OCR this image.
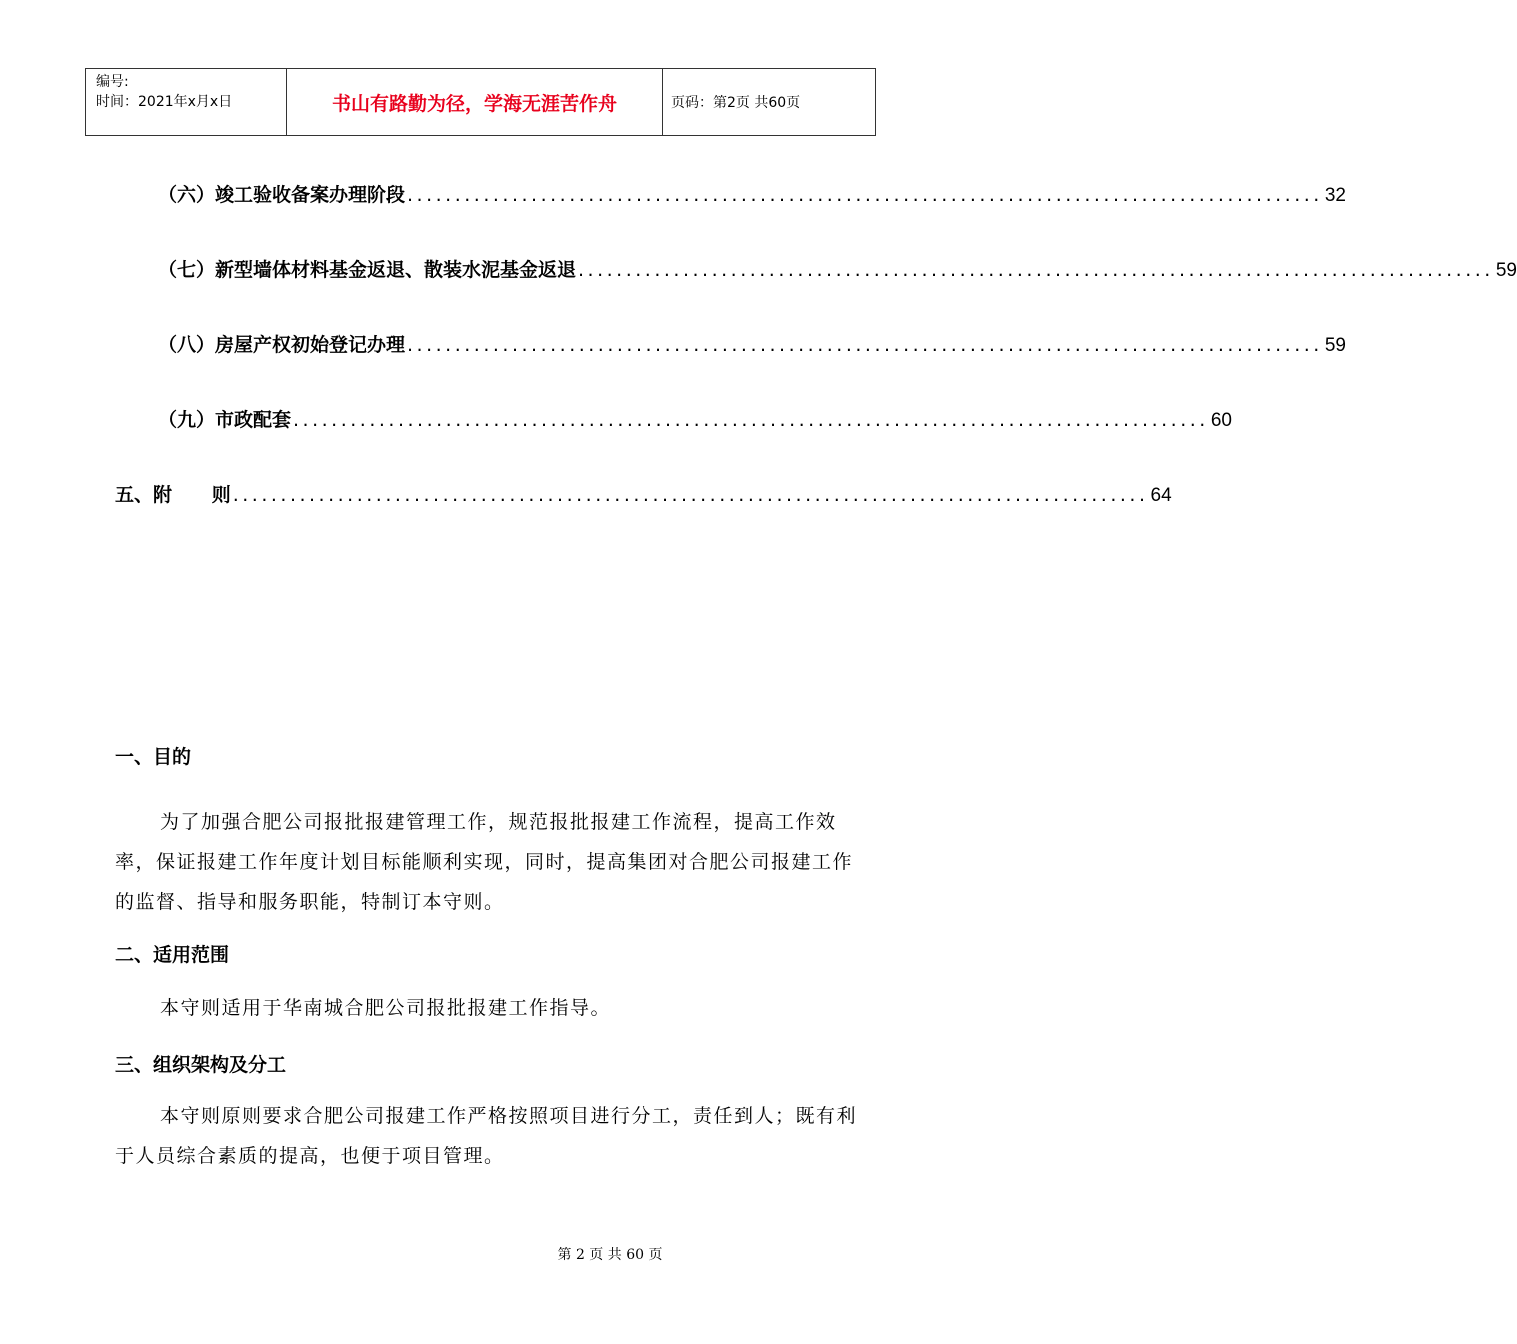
编号:
时间：2021年x月x日	书山有路勤为径，学海无涯苦作舟	页码：第2页 共60页
（六）竣工验收备案办理阶段 ................................................................................................ 32
（七）新型墙体材料基金返退、散装水泥基金返退 ................................................................................................ 59
（八）房屋产权初始登记办理 ................................................................................................ 59
（九）市政配套 ................................................................................................ 60
五、附      则 ................................................................................................ 64
一、目的

为了加强合肥公司报批报建管理工作，规范报批报建工作流程，提高工作效率，保证报建工作年度计划目标能顺利实现，同时，提高集团对合肥公司报建工作的监督、指导和服务职能，特制订本守则。

二、适用范围

本守则适用于华南城合肥公司报批报建工作指导。

三、组织架构及分工

本守则原则要求合肥公司报建工作严格按照项目进行分工，责任到人；既有利于人员综合素质的提高，也便于项目管理。

第 2 页 共 60 页
